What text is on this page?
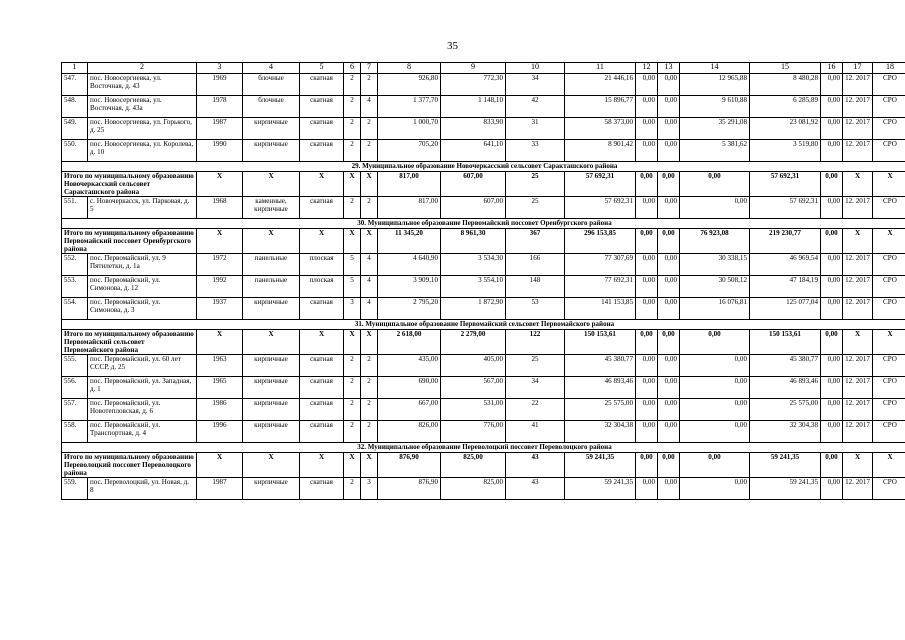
35
1	2	3	4	5	6	7	8	9	10	11	12	13	14	15	16	17	18
547.	пос. Новосергиевка, ул. Восточная, д. 43	1969	блочные	скатная	2	2	926,80	772,30	34	21 446,16	0,00	0,00	12 965,88	8 480,28	0,00	12. 2017	СРО
548.	пос. Новосергиевка, ул. Восточная, д. 43а	1978	блочные	скатная	2	4	1 377,70	1 148,10	42	15 896,77	0,00	0,00	9 610,88	6 285,89	0,00	12. 2017	СРО
549.	пос. Новосергиевка, ул. Горького, д. 25	1987	кирпичные	скатная	2	2	1 000,70	833,90	31	58 373,00	0,00	0,00	35 291,08	23 081,92	0,00	12. 2017	СРО
550.	пос. Новосергиевка, ул. Королева, д. 10	1990	кирпичные	скатная	2	2	705,20	641,10	33	8 901,42	0,00	0,00	5 381,62	3 519,80	0,00	12. 2017	СРО
29. Муниципальное образование Новочеркасский сельсовет Саракташского района																	
Итого по муниципальному образованию Новочеркасский сельсовет Саракташского района		X	X	X	X	X	817,00	607,00	25	57 692,31	0,00	0,00	0,00	57 692,31	0,00	X	X
551.	с. Новочеркасск, ул. Парковая, д. 5	1968	каменные, кирпичные	скатная	2	2	817,00	607,00	25	57 692,31	0,00	0,00	0,00	57 692,31	0,00	12. 2017	СРО
30. Муниципальное образование Первомайский поссовет Оренбургского района																	
Итого по муниципальному образованию Первомайский поссовет Оренбургского района		X	X	X	X	X	11 345,20	8 961,30	367	296 153,85	0,00	0,00	76 923,08	219 230,77	0,00	X	X
552.	пос. Первомайский, ул. 9 Пятилетки, д. 1а	1972	панельные	плоская	5	4	4 640,90	3 534,30	166	77 307,69	0,00	0,00	30 338,15	46 969,54	0,00	12. 2017	СРО
553.	пос. Первомайский, ул. Симонова, д. 12	1992	панельные	плоская	5	4	3 909,10	3 554,10	148	77 692,31	0,00	0,00	30 508,12	47 184,19	0,00	12. 2017	СРО
554.	пос. Первомайский, ул. Симонова, д. 3	1937	кирпичные	скатная	3	4	2 795,20	1 872,90	53	141 153,85	0,00	0,00	16 076,81	125 077,04	0,00	12. 2017	СРО
31. Муниципальное образование Первомайский сельсовет Первомайского района																	
Итого по муниципальному образованию Первомайский сельсовет Первомайского района		X	X	X	X	X	2 618,00	2 279,00	122	150 153,61	0,00	0,00	0,00	150 153,61	0,00	X	X
555.	пос. Первомайский, ул. 60 лет СССР, д. 25	1963	кирпичные	скатная	2	2	435,00	405,00	25	45 380,77	0,00	0,00	0,00	45 380,77	0,00	12. 2017	СРО
556.	пос. Первомайский, ул. Западная, д. 1	1965	кирпичные	скатная	2	2	690,00	567,00	34	46 893,46	0,00	0,00	0,00	46 893,46	0,00	12. 2017	СРО
557.	пос. Первомайский, ул. Новотепловская, д. 6	1986	кирпичные	скатная	2	2	667,00	531,00	22	25 575,00	0,00	0,00	0,00	25 575,00	0,00	12. 2017	СРО
558.	пос. Первомайский, ул. Транспортная, д. 4	1996	кирпичные	скатная	2	2	826,00	776,00	41	32 304,38	0,00	0,00	0,00	32 304,38	0,00	12. 2017	СРО
32. Муниципальное образование Переволоцкий поссовет Переволоцкого района																	
Итого по муниципальному образованию Переволоцкий поссовет Переволоцкого района		X	X	X	X	X	876,90	825,00	43	59 241,35	0,00	0,00	0,00	59 241,35	0,00	X	X
559.	пос. Переволоцкий, ул. Новая, д. 8	1987	кирпичные	скатная	2	3	876,90	825,00	43	59 241,35	0,00	0,00	0,00	59 241,35	0,00	12. 2017	СРО
